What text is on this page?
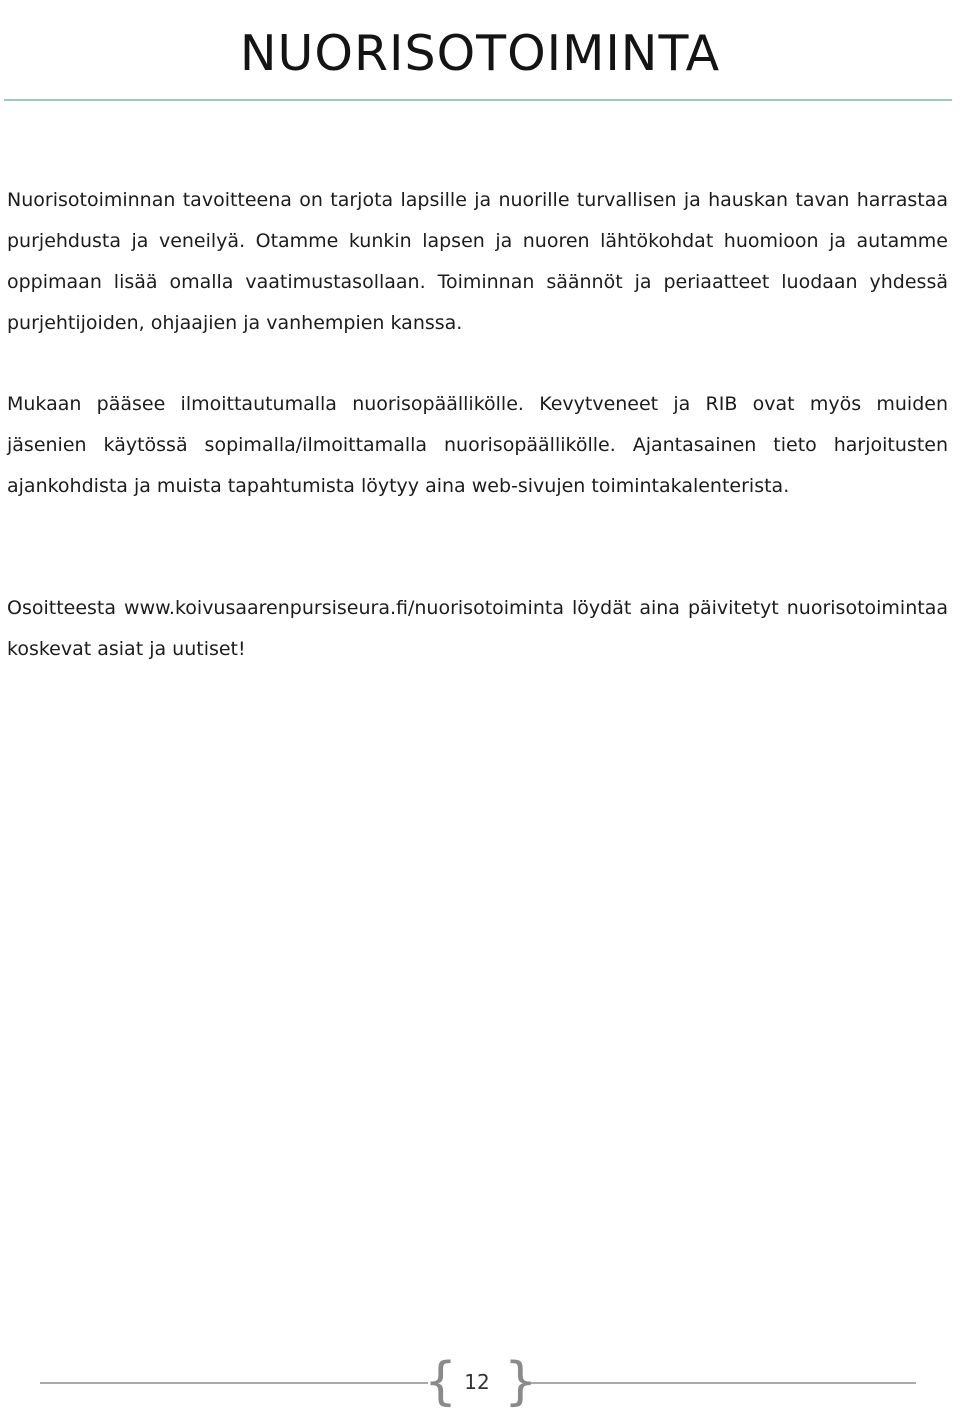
NUORISOTOIMINTA

Nuorisotoiminnan tavoitteena on tarjota lapsille ja nuorille turvallisen ja hauskan tavan harrastaa purjehdusta ja veneilyä. Otamme kunkin lapsen ja nuoren lähtökohdat huomioon ja autamme oppimaan lisää omalla vaatimustasollaan. Toiminnan säännöt ja periaatteet luodaan yhdessä purjehtijoiden, ohjaajien ja vanhempien kanssa.

Mukaan pääsee ilmoittautumalla nuorisopäällikölle. Kevytveneet ja RIB ovat myös muiden jäsenien käytössä sopimalla/ilmoittamalla nuorisopäällikölle. Ajantasainen tieto harjoitusten ajankohdista ja muista tapahtumista löytyy aina web-sivujen toimintakalenterista.

Osoitteesta www.koivusaarenpursiseura.fi/nuorisotoiminta löydät aina päivitetyt nuorisotoimintaa koskevat asiat ja uutiset!

{ }
12
